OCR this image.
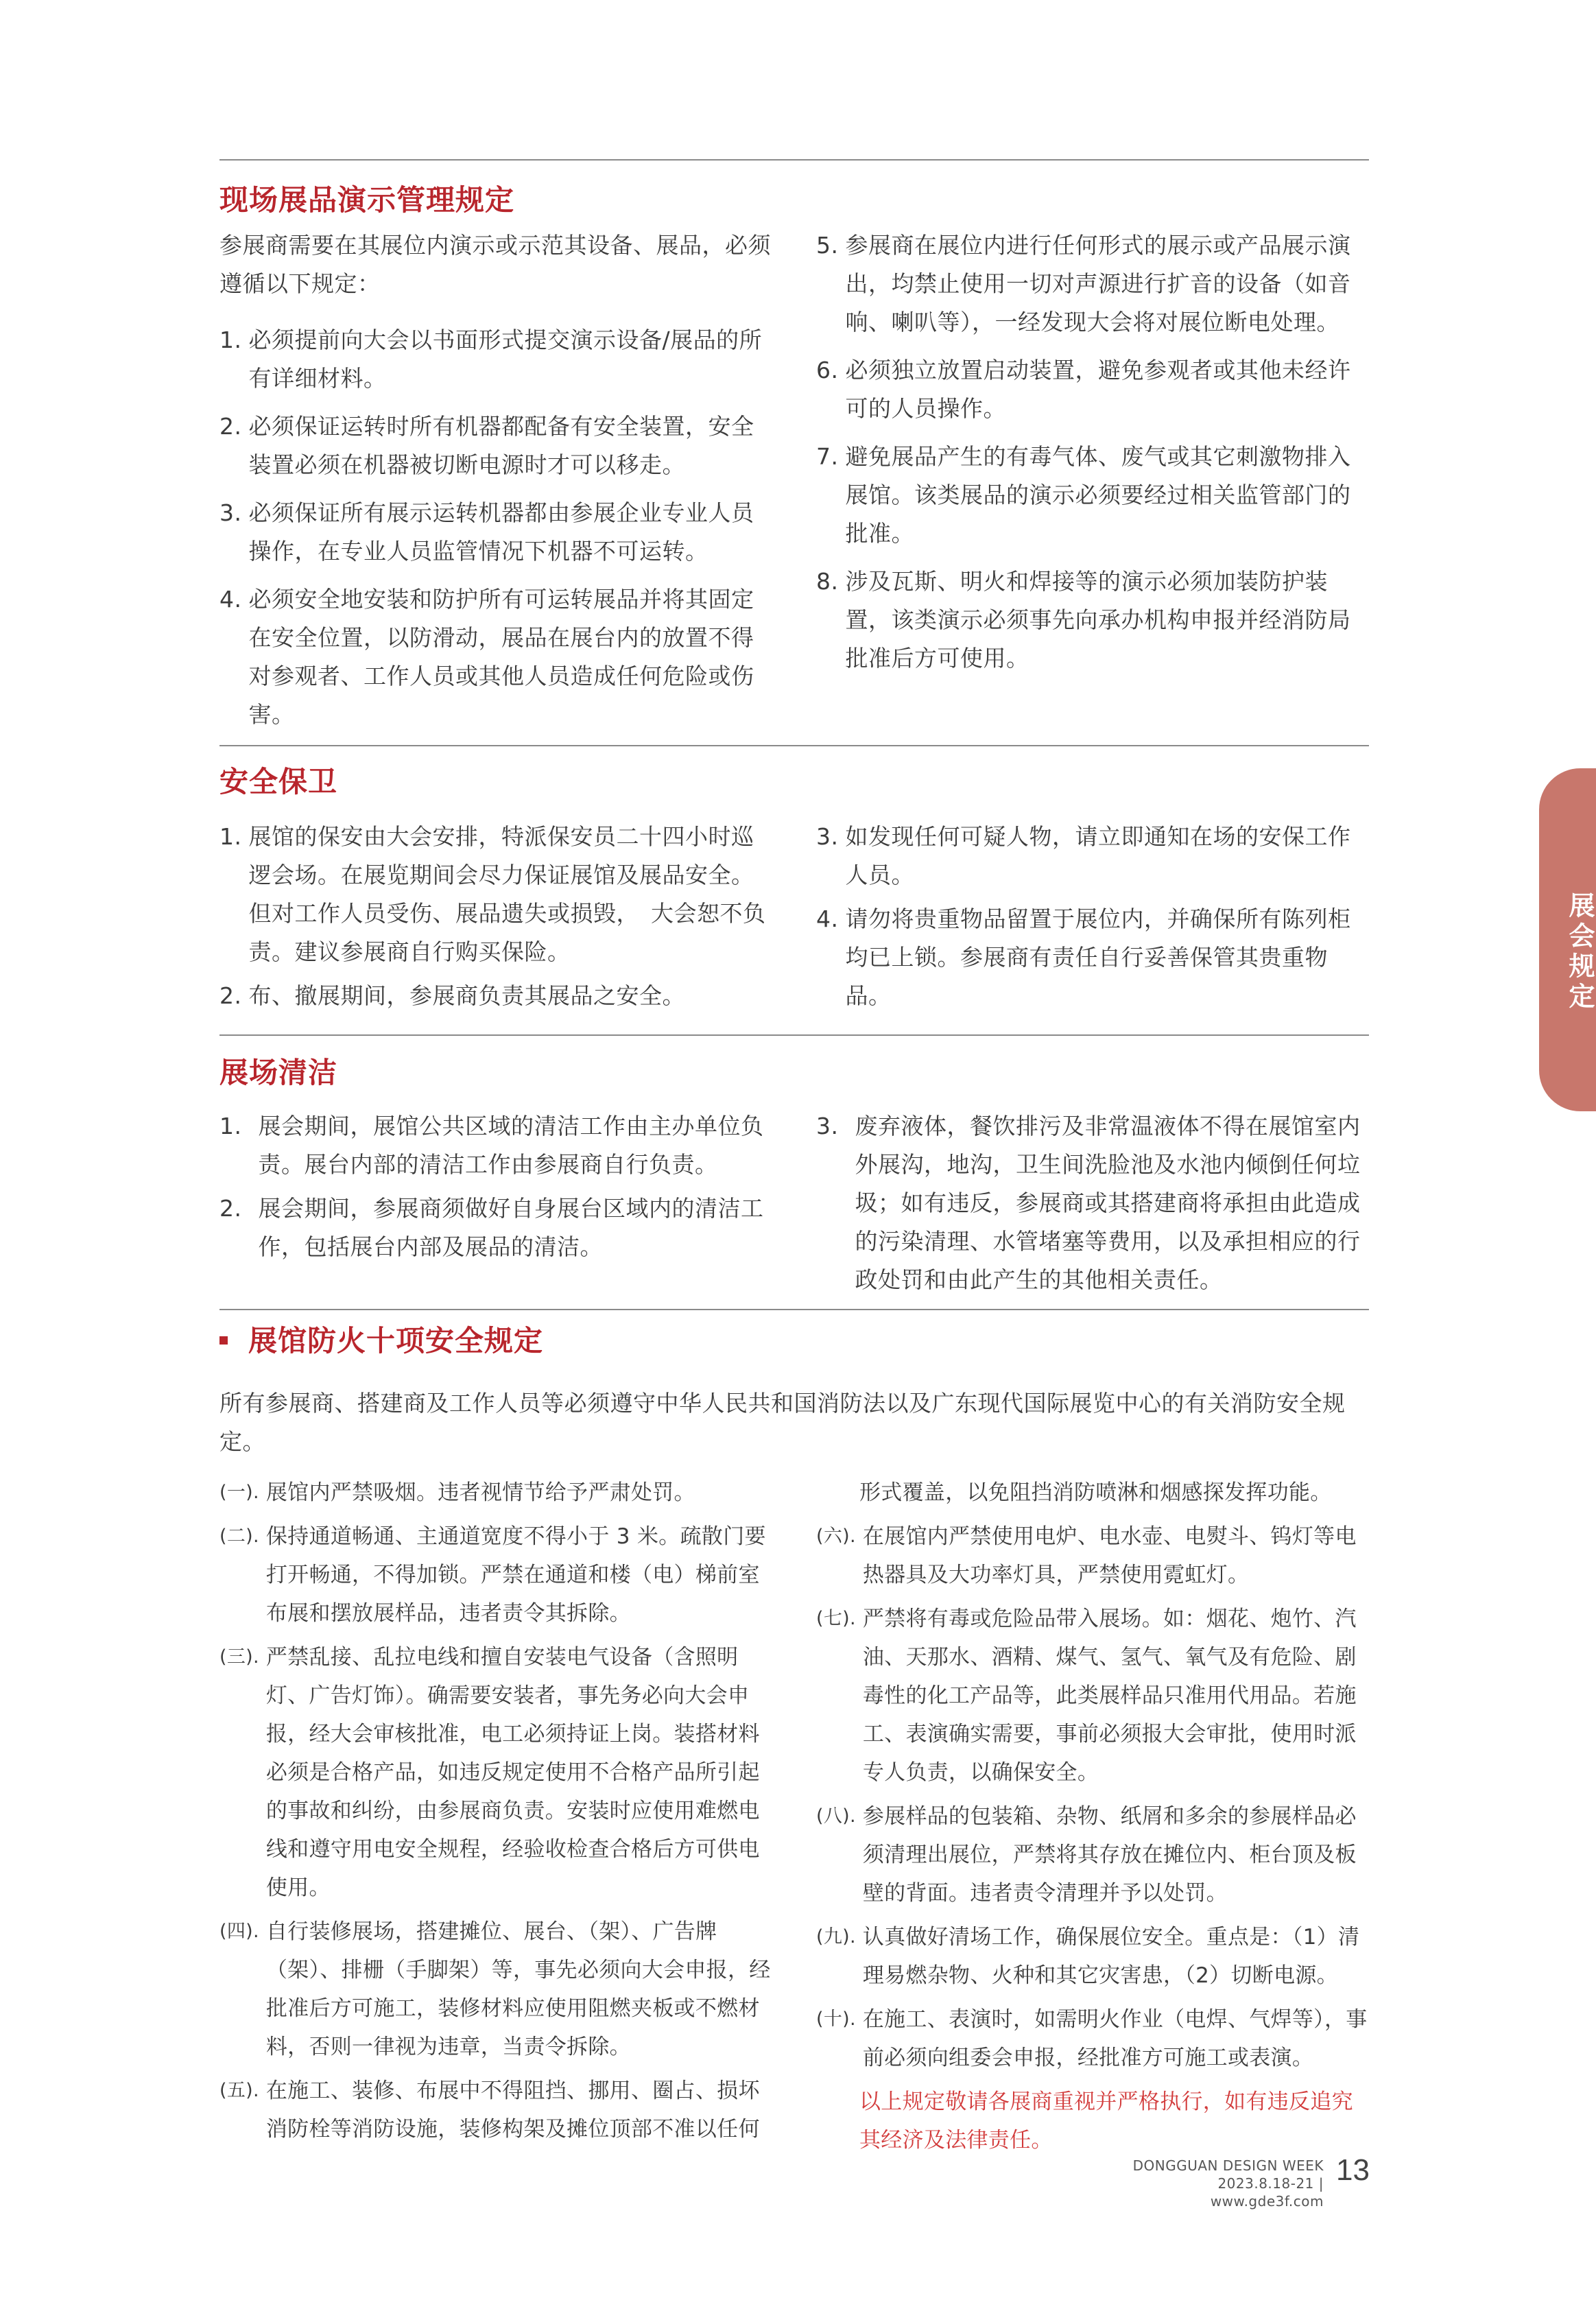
现场展品演示管理规定

参展商需要在其展位内演示或示范其设备、展品，必须遵循以下规定：

1. 必须提前向大会以书面形式提交演示设备/展品的所有详细材料。
2. 必须保证运转时所有机器都配备有安全装置，安全装置必须在机器被切断电源时才可以移走。
3. 必须保证所有展示运转机器都由参展企业专业人员操作，在专业人员监管情况下机器不可运转。
4. 必须安全地安装和防护所有可运转展品并将其固定在安全位置，以防滑动，展品在展台内的放置不得对参观者、工作人员或其他人员造成任何危险或伤害。
5. 参展商在展位内进行任何形式的展示或产品展示演出，均禁止使用一切对声源进行扩音的设备（如音响、喇叭等），一经发现大会将对展位断电处理。
6. 必须独立放置启动装置，避免参观者或其他未经许可的人员操作。
7. 避免展品产生的有毒气体、废气或其它刺激物排入展馆。该类展品的演示必须要经过相关监管部门的批准。
8. 涉及瓦斯、明火和焊接等的演示必须加装防护装置，该类演示必须事先向承办机构申报并经消防局批准后方可使用。
安全保卫
1. 展馆的保安由大会安排，特派保安员二十四小时巡逻会场。在展览期间会尽力保证展馆及展品安全。但对工作人员受伤、展品遗失或损毁，　大会恕不负责。建议参展商自行购买保险。
2. 布、撤展期间，参展商负责其展品之安全。
3. 如发现任何可疑人物，请立即通知在场的安保工作人员。
4. 请勿将贵重物品留置于展位内，并确保所有陈列柜均已上锁。参展商有责任自行妥善保管其贵重物品。
展场清洁
1. 展会期间，展馆公共区域的清洁工作由主办单位负责。展台内部的清洁工作由参展商自行负责。
2. 展会期间，参展商须做好自身展台区域内的清洁工作，包括展台内部及展品的清洁。
3. 废弃液体，餐饮排污及非常温液体不得在展馆室内外展沟，地沟，卫生间洗脸池及水池内倾倒任何垃圾；如有违反，参展商或其搭建商将承担由此造成的污染清理、水管堵塞等费用，以及承担相应的行政处罚和由此产生的其他相关责任。
展馆防火十项安全规定
所有参展商、搭建商及工作人员等必须遵守中华人民共和国消防法以及广东现代国际展览中心的有关消防安全规定。
(一). 展馆内严禁吸烟。违者视情节给予严肃处罚。
(二). 保持通道畅通、主通道宽度不得小于 3 米。疏散门要打开畅通，不得加锁。严禁在通道和楼（电）梯前室布展和摆放展样品，违者责令其拆除。
(三). 严禁乱接、乱拉电线和擅自安装电气设备（含照明灯、广告灯饰）。确需要安装者，事先务必向大会申报，经大会审核批准，电工必须持证上岗。装搭材料必须是合格产品，如违反规定使用不合格产品所引起的事故和纠纷，由参展商负责。安装时应使用难燃电线和遵守用电安全规程，经验收检查合格后方可供电使用。
(四). 自行装修展场，搭建摊位、展台、（架）、广告牌（架）、排栅（手脚架）等，事先必须向大会申报，经批准后方可施工，装修材料应使用阻燃夹板或不燃材料，否则一律视为违章，当责令拆除。
(五). 在施工、装修、布展中不得阻挡、挪用、圈占、损坏消防栓等消防设施，装修构架及摊位顶部不准以任何

形式覆盖，以免阻挡消防喷淋和烟感探发挥功能。

(六). 在展馆内严禁使用电炉、电水壶、电熨斗、钨灯等电热器具及大功率灯具，严禁使用霓虹灯。
(七). 严禁将有毒或危险品带入展场。如：烟花、炮竹、汽油、天那水、酒精、煤气、氢气、氧气及有危险、剧毒性的化工产品等，此类展样品只准用代用品。若施工、表演确实需要，事前必须报大会审批，使用时派专人负责，以确保安全。
(八). 参展样品的包装箱、杂物、纸屑和多余的参展样品必须清理出展位，严禁将其存放在摊位内、柜台顶及板壁的背面。违者责令清理并予以处罚。
(九). 认真做好清场工作，确保展位安全。重点是：（1）清理易燃杂物、火种和其它灾害患，（2）切断电源。
(十). 在施工、表演时，如需明火作业（电焊、气焊等），事前必须向组委会申报，经批准方可施工或表演。

以上规定敬请各展商重视并严格执行，如有违反追究其经济及法律责任。

展会规定
DONGGUAN DESIGN WEEK
2023.8.18-21 | www.gde3f.com
13
